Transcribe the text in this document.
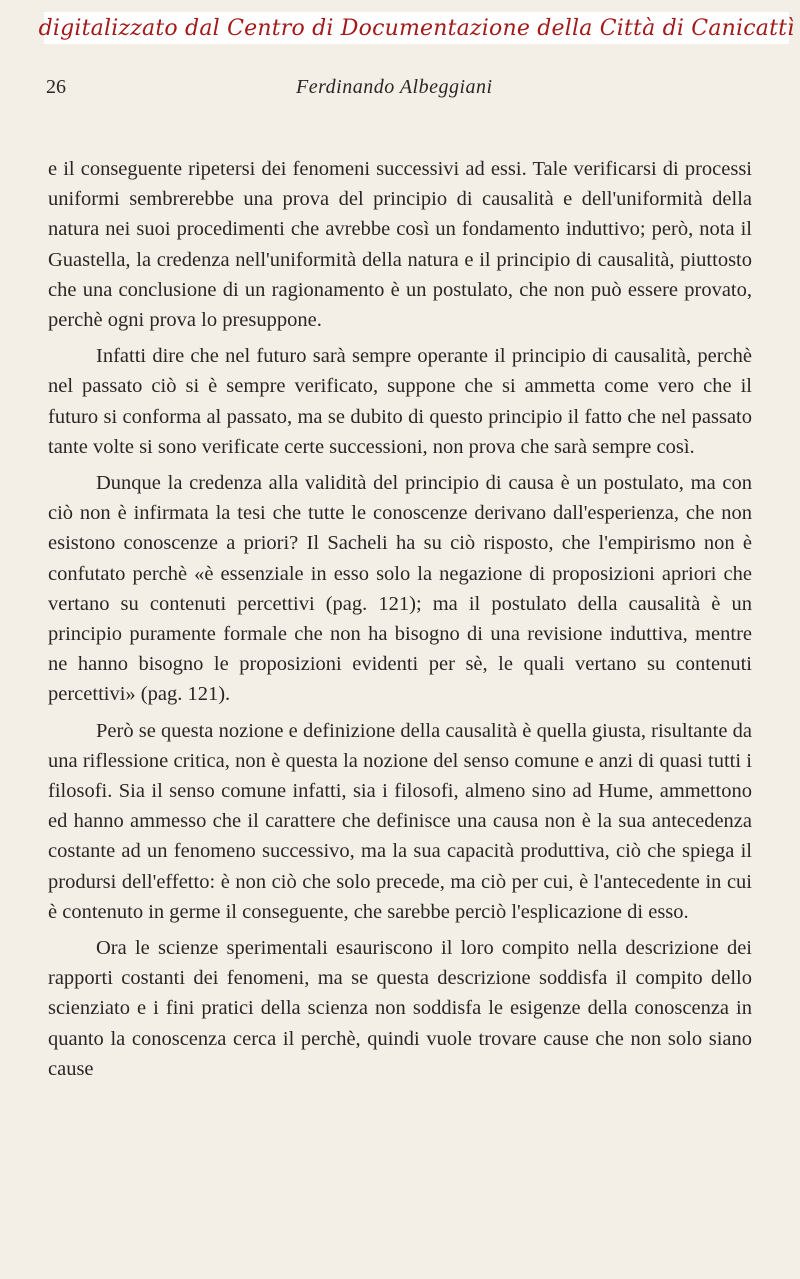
digitalizzato dal Centro di Documentazione della Città di Canicattì
26	Ferdinando Albeggiani

e il conseguente ripetersi dei fenomeni successivi ad essi. Tale verificarsi di processi uniformi sembrerebbe una prova del principio di causalità e dell'uniformità della natura nei suoi procedimenti che avrebbe così un fondamento induttivo; però, nota il Guastella, la credenza nell'uniformità della natura e il principio di causalità, piuttosto che una conclusione di un ragionamento è un postulato, che non può essere provato, perchè ogni prova lo presuppone.

Infatti dire che nel futuro sarà sempre operante il principio di causalità, perchè nel passato ciò si è sempre verificato, suppone che si ammetta come vero che il futuro si conforma al passato, ma se dubito di questo principio il fatto che nel passato tante volte si sono verificate certe successioni, non prova che sarà sempre così.

Dunque la credenza alla validità del principio di causa è un postulato, ma con ciò non è infirmata la tesi che tutte le conoscenze derivano dall'esperienza, che non esistono conoscenze a priori? Il Sacheli ha su ciò risposto, che l'empirismo non è confutato perchè «è essenziale in esso solo la negazione di proposizioni apriori che vertano su contenuti percettivi (pag. 121); ma il postulato della causalità è un principio puramente formale che non ha bisogno di una revisione induttiva, mentre ne hanno bisogno le proposizioni evidenti per sè, le quali vertano su contenuti percettivi» (pag. 121).

Però se questa nozione e definizione della causalità è quella giusta, risultante da una riflessione critica, non è questa la nozione del senso comune e anzi di quasi tutti i filosofi. Sia il senso comune infatti, sia i filosofi, almeno sino ad Hume, ammettono ed hanno ammesso che il carattere che definisce una causa non è la sua antecedenza costante ad un fenomeno successivo, ma la sua capacità produttiva, ciò che spiega il prodursi dell'effetto: è non ciò che solo precede, ma ciò per cui, è l'antecedente in cui è contenuto in germe il conseguente, che sarebbe perciò l'esplicazione di esso.

Ora le scienze sperimentali esauriscono il loro compito nella descrizione dei rapporti costanti dei fenomeni, ma se questa descrizione soddisfa il compito dello scienziato e i fini pratici della scienza non soddisfa le esigenze della conoscenza in quanto la conoscenza cerca il perchè, quindi vuole trovare cause che non solo siano cause
